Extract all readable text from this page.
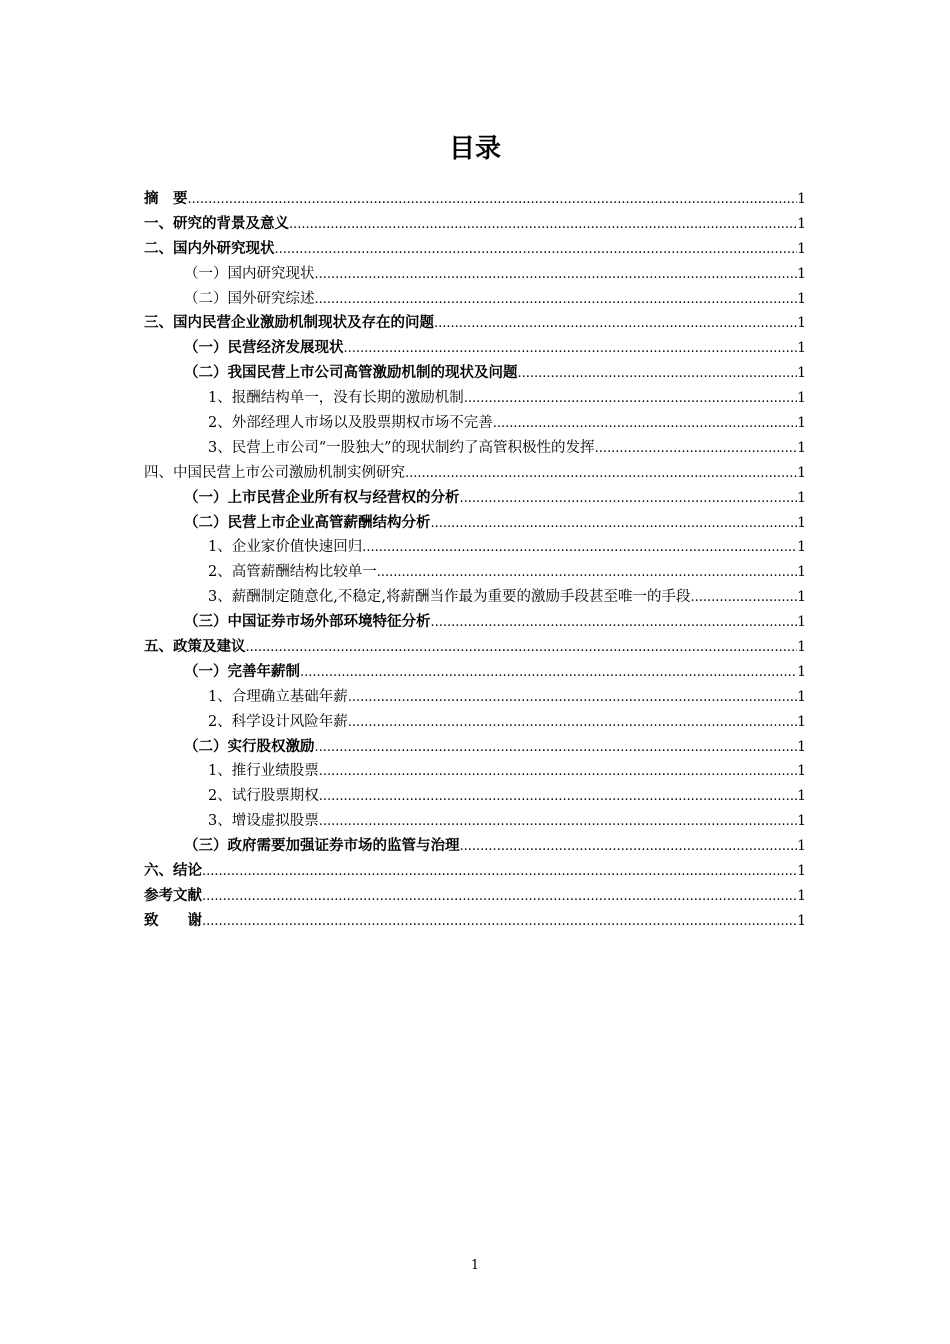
目录
摘　要 .....	1
一、研究的背景及意义 .....	1
二、国内外研究现状 .....	1
（一）国内研究现状 .....	1
（二）国外研究综述 .....	1
三、国内民营企业激励机制现状及存在的问题 .....	1
（一）民营经济发展现状 .....	1
（二）我国民营上市公司高管激励机制的现状及问题 .....	1
1、报酬结构单一，没有长期的激励机制 .....	1
2、外部经理人市场以及股票期权市场不完善 .....	1
3、民营上市公司“一股独大”的现状制约了高管积极性的发挥 .....	1
四、中国民营上市公司激励机制实例研究 .....	1
（一）上市民营企业所有权与经营权的分析 .....	1
（二）民营上市企业高管薪酬结构分析 .....	1
1、企业家价值快速回归 .....	1
2、高管薪酬结构比较单一 .....	1
3、薪酬制定随意化,不稳定,将薪酬当作最为重要的激励手段甚至唯一的手段 .....	1
（三）中国证券市场外部环境特征分析 .....	1
五、政策及建议 .....	1
（一）完善年薪制 .....	1
1、合理确立基础年薪 .....	1
2、科学设计风险年薪 .....	1
（二）实行股权激励 .....	1
1、推行业绩股票 .....	1
2、试行股票期权 .....	1
3、增设虚拟股票 .....	1
（三）政府需要加强证券市场的监管与治理 .....	1
六、结论 .....	1
参考文献 .....	1
致　　谢 .....	1
1
